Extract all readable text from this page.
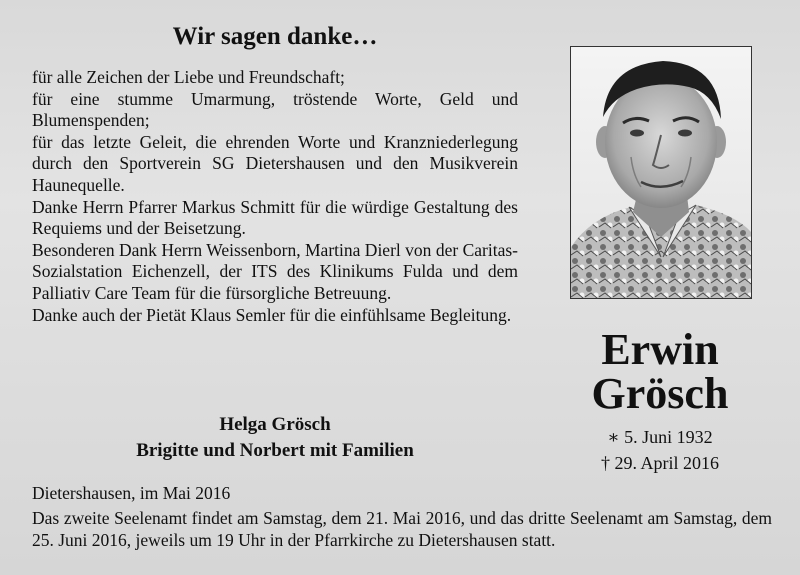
Wir sagen danke…

für alle Zeichen der Liebe und Freundschaft;

für eine stumme Umarmung, tröstende Worte, Geld und Blumenspenden;

für das letzte Geleit, die ehrenden Worte und Kranzniederlegung durch den Sportverein SG Dietershausen und den Musikverein Haunequelle.

Danke Herrn Pfarrer Markus Schmitt für die würdige Gestaltung des Requiems und der Beisetzung.

Besonderen Dank Herrn Weissenborn, Martina Dierl von der Caritas-Sozialstation Eichenzell, der ITS des Klinikums Fulda und dem Palliativ Care Team für die fürsorgliche Betreuung.

Danke auch der Pietät Klaus Semler für die einfühlsame Begleitung.

Helga Grösch
Brigitte und Norbert mit Familien
Dietershausen, im Mai 2016
Das zweite Seelenamt findet am Samstag, dem 21. Mai 2016, und das dritte Seelenamt am Samstag, dem 25. Juni 2016, jeweils um 19 Uhr in der Pfarrkirche zu Dietershausen statt.
Erwin
Grösch
∗ 5. Juni 1932
† 29. April 2016
